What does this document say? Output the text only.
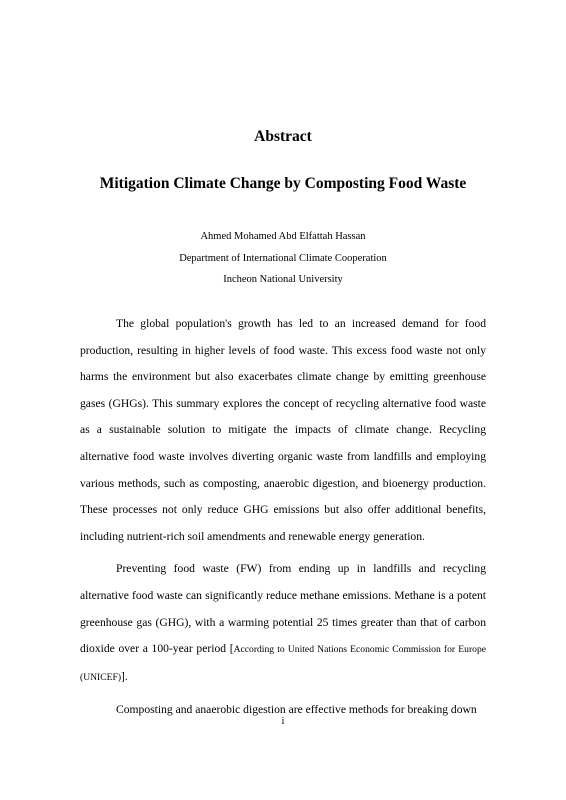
Abstract
Mitigation Climate Change by Composting Food Waste
Ahmed Mohamed Abd Elfattah Hassan
Department of International Climate Cooperation
Incheon National University

The global population's growth has led to an increased demand for food production, resulting in higher levels of food waste. This excess food waste not only harms the environment but also exacerbates climate change by emitting greenhouse gases (GHGs). This summary explores the concept of recycling alternative food waste as a sustainable solution to mitigate the impacts of climate change. Recycling alternative food waste involves diverting organic waste from landfills and employing various methods, such as composting, anaerobic digestion, and bioenergy production. These processes not only reduce GHG emissions but also offer additional benefits, including nutrient-rich soil amendments and renewable energy generation.

Preventing food waste (FW) from ending up in landfills and recycling alternative food waste can significantly reduce methane emissions. Methane is a potent greenhouse gas (GHG), with a warming potential 25 times greater than that of carbon dioxide over a 100-year period [According to United Nations Economic Commission for Europe (UNICEF)].

Composting and anaerobic digestion are effective methods for breaking down

i
